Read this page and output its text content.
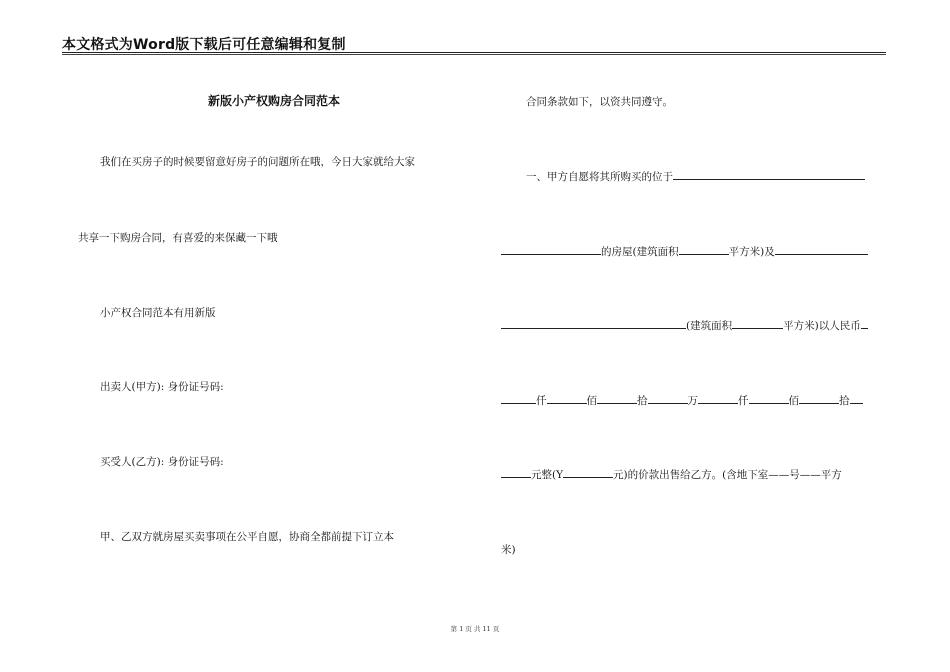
本文格式为Word版下载后可任意编辑和复制
新版小产权购房合同范本
我们在买房子的时候要留意好房子的问题所在哦，今日大家就给大家
共享一下购房合同，有喜爱的来保藏一下哦
小产权合同范本有用新版
出卖人(甲方): 身份证号码:
买受人(乙方): 身份证号码:
甲、乙双方就房屋买卖事项在公平自愿，协商全都前提下订立本
合同条款如下，以资共同遵守。
一、甲方自愿将其所购买的位于
的房屋(建筑面积	平方米)及
(建筑面积	平方米)以人民币
仟	佰	拾	万	仟	佰	拾
元整(Y	元)的价款出售给乙方。(含地下室——号——平方
米)
第 1 页 共 11 页
